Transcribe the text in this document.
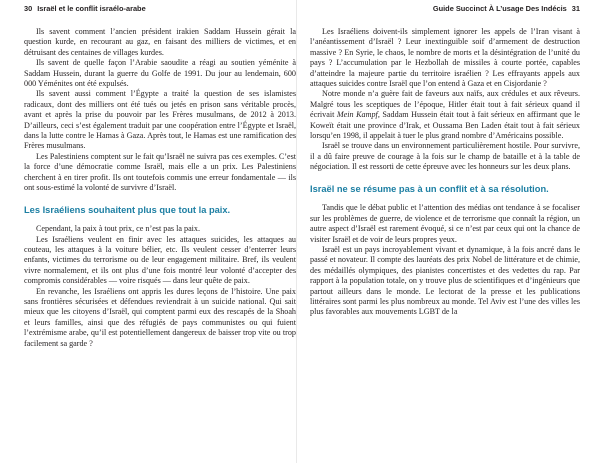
30 Israël et le conflit israélo-arabe

Ils savent comment l’ancien président irakien Saddam Hussein gérait la question kurde, en recourant au gaz, en faisant des milliers de victimes, et en détruisant des centaines de villages kurdes.

Ils savent de quelle façon l’Arabie saoudite a réagi au soutien yéménite à Saddam Hussein, durant la guerre du Golfe de 1991. Du jour au lendemain, 600 000 Yéménites ont été expulsés.

Ils savent aussi comment l’Égypte a traité la question de ses islamistes radicaux, dont des milliers ont été tués ou jetés en prison sans véritable procès, avant et après la prise du pouvoir par les Frères musulmans, de 2012 à 2013. D’ailleurs, ceci s’est également traduit par une coopération entre l’Égypte et Israël, dans la lutte contre le Hamas à Gaza. Après tout, le Hamas est une ramification des Frères musulmans.

Les Palestiniens comptent sur le fait qu’Israël ne suivra pas ces exemples. C’est la force d’une démocratie comme Israël, mais elle a un prix. Les Palestiniens cherchent à en tirer profit. Ils ont toutefois commis une erreur fondamentale — ils ont sous-estimé la volonté de survivre d’Israël.

Les Israéliens souhaitent plus que tout la paix.

Cependant, la paix à tout prix, ce n’est pas la paix.

Les Israéliens veulent en finir avec les attaques suicides, les attaques au couteau, les attaques à la voiture bélier, etc. Ils veulent cesser d’enterrer leurs enfants, victimes du terrorisme ou de leur engagement militaire. Bref, ils veulent vivre normalement, et ils ont plus d’une fois montré leur volonté d’accepter des compromis considérables — voire risqués — dans leur quête de paix.

En revanche, les Israéliens ont appris les dures leçons de l’histoire. Une paix sans frontières sécurisées et défendues reviendrait à un suicide national. Qui sait mieux que les citoyens d’Israël, qui comptent parmi eux des rescapés de la Shoah et leurs familles, ainsi que des réfugiés de pays communistes ou qui fuient l’extrémisme arabe, qu’il est potentiellement dangereux de baisser trop vite ou trop facilement sa garde ?

Guide Succinct À L’usage Des Indécis 31

Les Israéliens doivent-ils simplement ignorer les appels de l’Iran visant à l’anéantissement d’Israël ? Leur inextinguible soif d’armement de destruction massive ? En Syrie, le chaos, le nombre de morts et la désintégration de l’unité du pays ? L’accumulation par le Hezbollah de missiles à courte portée, capables d’atteindre la majeure partie du territoire israélien ? Les effrayants appels aux attaques suicides contre Israël que l’on entend à Gaza et en Cisjordanie ?

Notre monde n’a guère fait de faveurs aux naïfs, aux crédules et aux rêveurs. Malgré tous les sceptiques de l’époque, Hitler était tout à fait sérieux quand il écrivait Mein Kampf, Saddam Hussein était tout à fait sérieux en affirmant que le Koweït était une province d’Irak, et Oussama Ben Laden était tout à fait sérieux lorsqu’en 1998, il appelait à tuer le plus grand nombre d’Américains possible.

Israël se trouve dans un environnement particulièrement hostile. Pour survivre, il a dû faire preuve de courage à la fois sur le champ de bataille et à la table de négociation. Il est ressorti de cette épreuve avec les honneurs sur les deux plans.

Israël ne se résume pas à un conflit et à sa résolution.

Tandis que le débat public et l’attention des médias ont tendance à se focaliser sur les problèmes de guerre, de violence et de terrorisme que connaît la région, un autre aspect d’Israël est rarement évoqué, si ce n’est par ceux qui ont la chance de visiter Israël et de voir de leurs propres yeux.

Israël est un pays incroyablement vivant et dynamique, à la fois ancré dans le passé et novateur. Il compte des lauréats des prix Nobel de littérature et de chimie, des médaillés olympiques, des pianistes concertistes et des vedettes du rap. Par rapport à la population totale, on y trouve plus de scientifiques et d’ingénieurs que partout ailleurs dans le monde. Le lectorat de la presse et les publications littéraires sont parmi les plus nombreux au monde. Tel Aviv est l’une des villes les plus favorables aux mouvements LGBT de la
